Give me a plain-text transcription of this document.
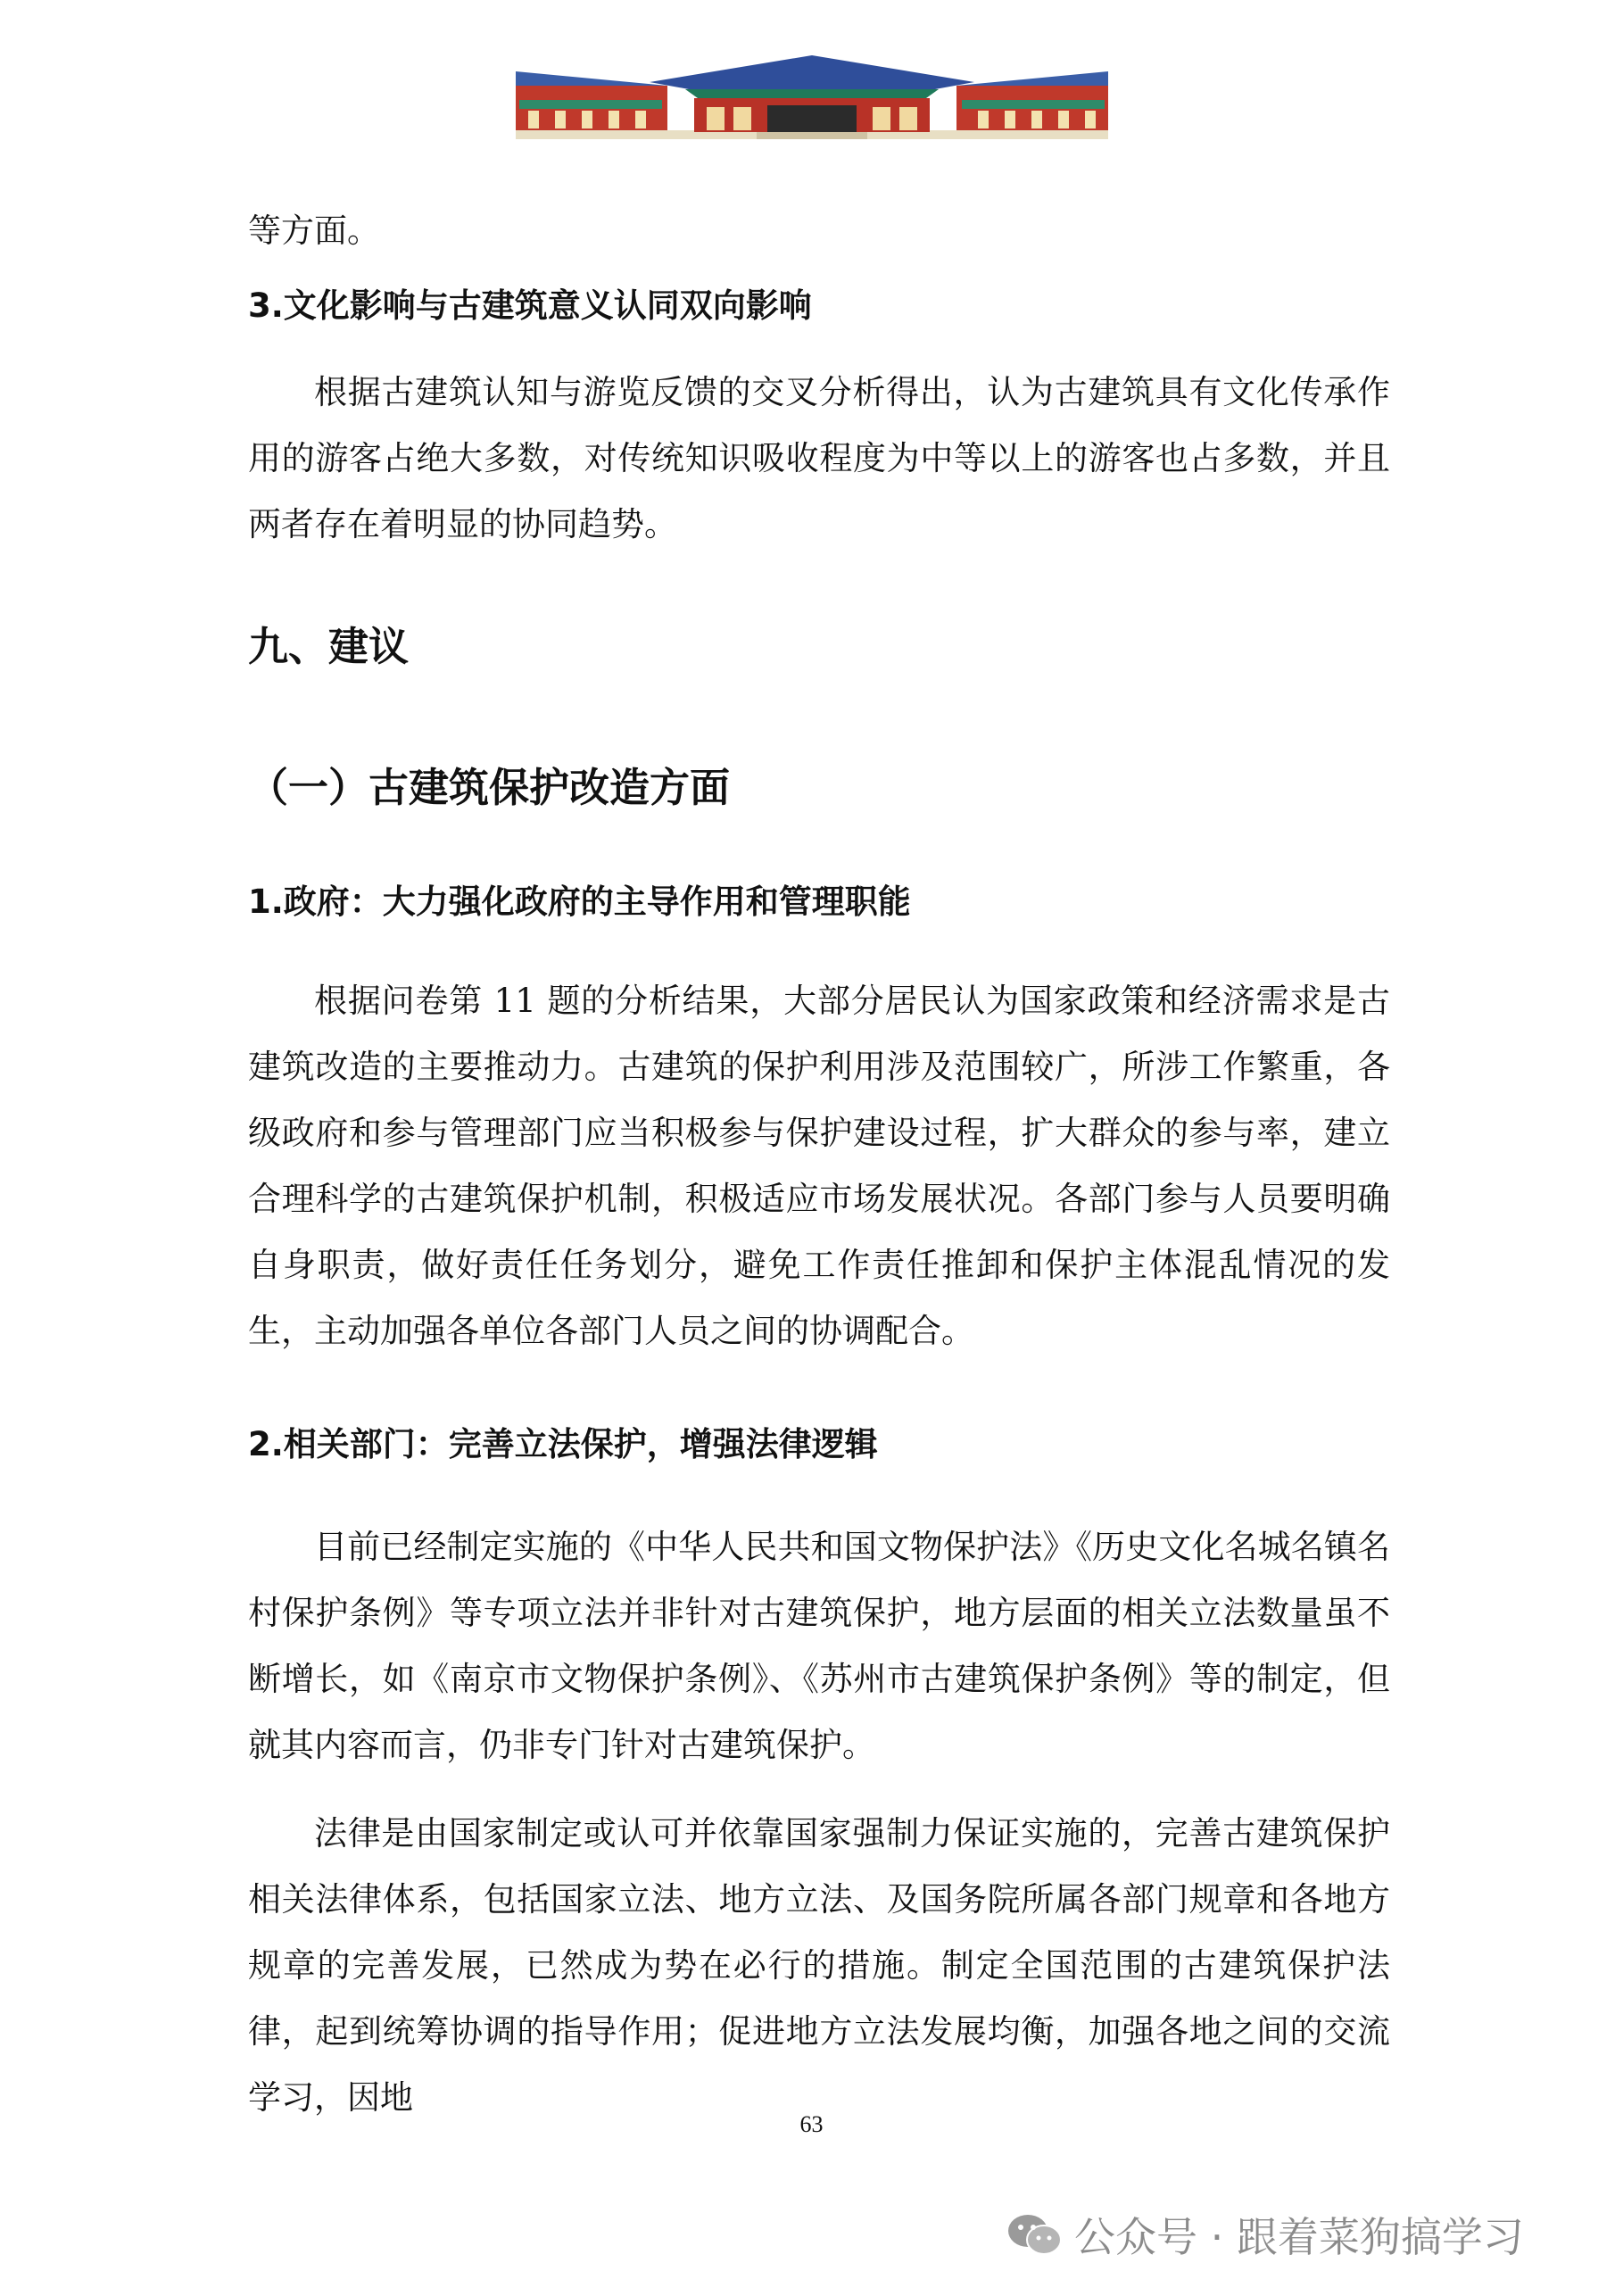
等方面。

3.文化影响与古建筑意义认同双向影响

根据古建筑认知与游览反馈的交叉分析得出，认为古建筑具有文化传承作用的游客占绝大多数，对传统知识吸收程度为中等以上的游客也占多数，并且两者存在着明显的协同趋势。

九、建议
（一）古建筑保护改造方面
1.政府：大力强化政府的主导作用和管理职能

根据问卷第 11 题的分析结果，大部分居民认为国家政策和经济需求是古建筑改造的主要推动力。古建筑的保护利用涉及范围较广，所涉工作繁重，各级政府和参与管理部门应当积极参与保护建设过程，扩大群众的参与率，建立合理科学的古建筑保护机制，积极适应市场发展状况。各部门参与人员要明确自身职责，做好责任任务划分，避免工作责任推卸和保护主体混乱情况的发生，主动加强各单位各部门人员之间的协调配合。

2.相关部门：完善立法保护，增强法律逻辑

目前已经制定实施的《中华人民共和国文物保护法》《历史文化名城名镇名村保护条例》等专项立法并非针对古建筑保护，地方层面的相关立法数量虽不断增长，如《南京市文物保护条例》、《苏州市古建筑保护条例》等的制定，但就其内容而言，仍非专门针对古建筑保护。

法律是由国家制定或认可并依靠国家强制力保证实施的，完善古建筑保护相关法律体系，包括国家立法、地方立法、及国务院所属各部门规章和各地方规章的完善发展，已然成为势在必行的措施。制定全国范围的古建筑保护法律，起到统筹协调的指导作用；促进地方立法发展均衡，加强各地之间的交流学习，因地

63
公众号 · 跟着菜狗搞学习
